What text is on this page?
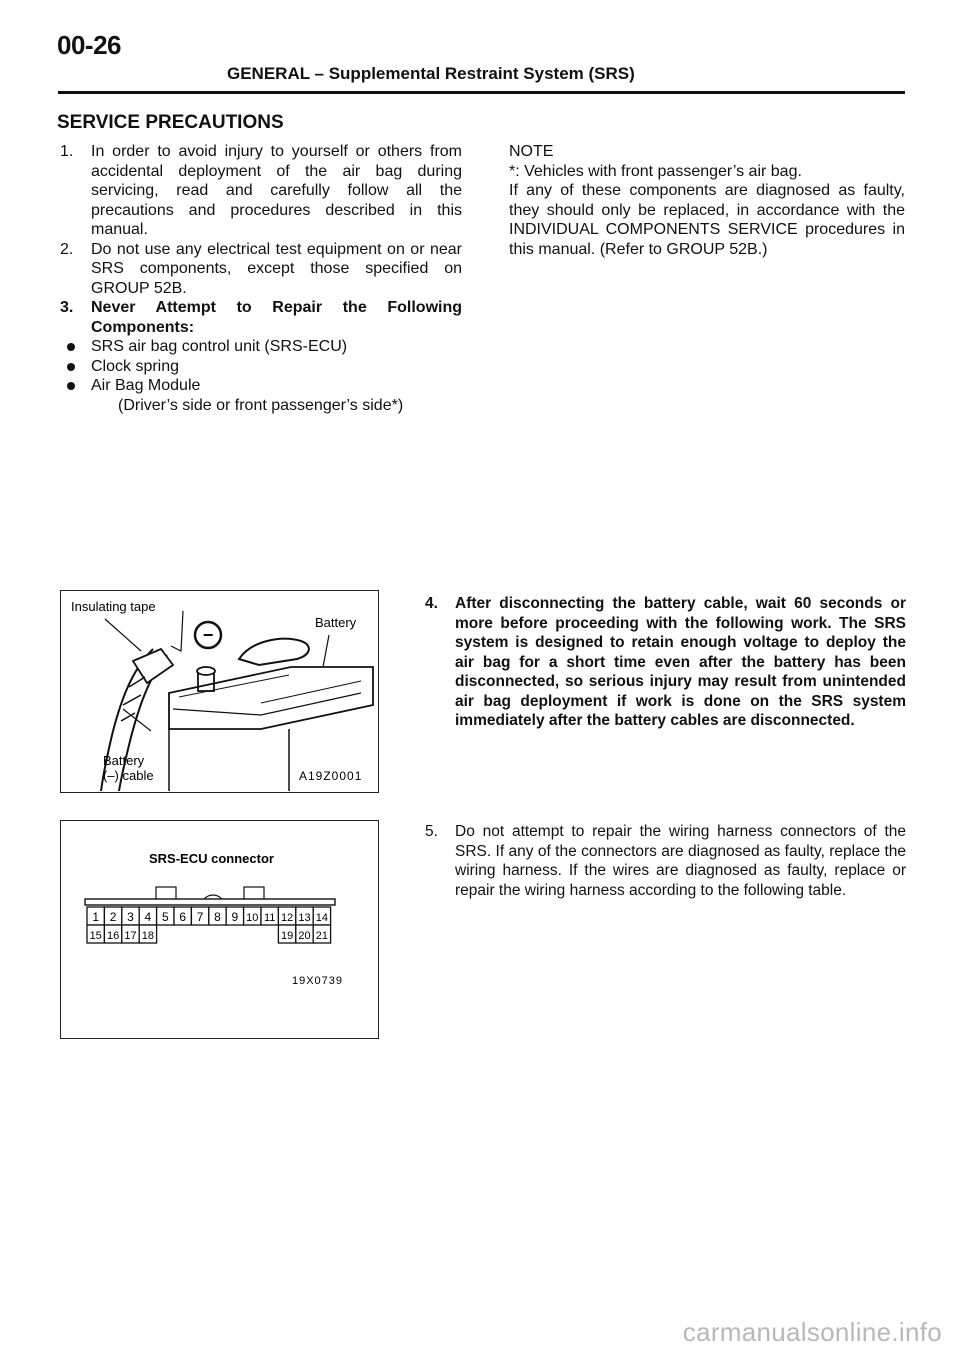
00-26
GENERAL – Supplemental Restraint System (SRS)
SERVICE PRECAUTIONS
1. In order to avoid injury to yourself or others from accidental deployment of the air bag during servicing, read and carefully follow all the precautions and procedures described in this manual.
2. Do not use any electrical test equipment on or near SRS components, except those specified on GROUP 52B.
3. Never Attempt to Repair the Following Components:
SRS air bag control unit (SRS-ECU)
Clock spring
Air Bag Module
(Driver’s side or front passenger’s side*)
NOTE
*: Vehicles with front passenger’s air bag.
If any of these components are diagnosed as faulty, they should only be replaced, in accordance with the INDIVIDUAL COMPONENTS SERVICE procedures in this manual. (Refer to GROUP 52B.)
Insulating tape
Battery
−
Battery
(–) cable	A19Z0001
SRS-ECU connector
1 2 3 4 5 6 7 8 9 10 11 12 13 14
15 16 17 18	19 20 21
19X0739
4.	After disconnecting the battery cable, wait 60 seconds or more before proceeding with the following work. The SRS system is designed to retain enough voltage to deploy the air bag for a short time even after the battery has been disconnected, so serious injury may result from unintended air bag deployment if work is done on the SRS system immediately after the battery cables are disconnected.
5.	Do not attempt to repair the wiring harness connectors of the SRS. If any of the connectors are diagnosed as faulty, replace the wiring harness. If the wires are diagnosed as faulty, replace or repair the wiring harness according to the following table.
carmanualsonline.info
